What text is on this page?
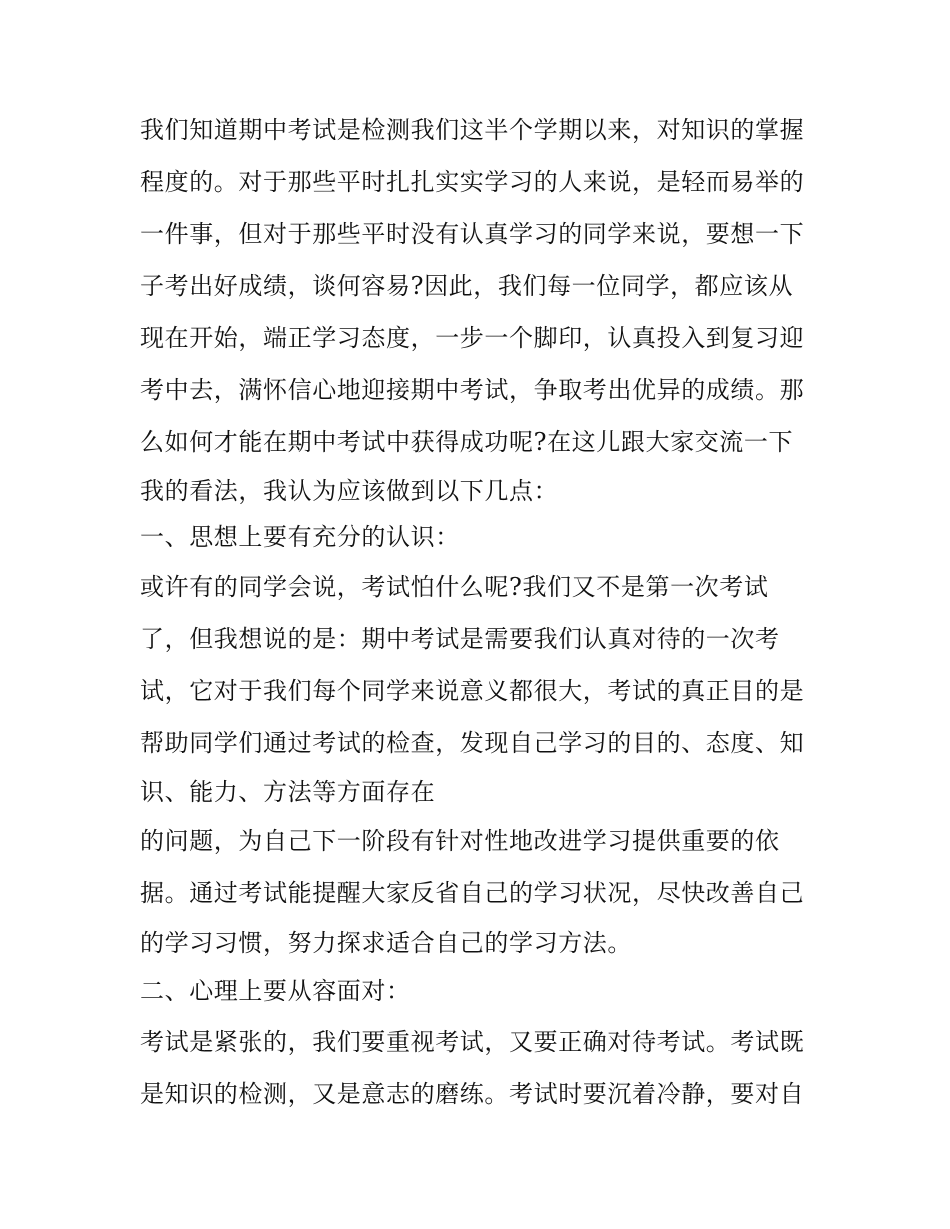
我们知道期中考试是检测我们这半个学期以来，对知识的掌握
程度的。对于那些平时扎扎实实学习的人来说，是轻而易举的
一件事，但对于那些平时没有认真学习的同学来说，要想一下
子考出好成绩，谈何容易?因此，我们每一位同学，都应该从
现在开始，端正学习态度，一步一个脚印，认真投入到复习迎
考中去，满怀信心地迎接期中考试，争取考出优异的成绩。那
么如何才能在期中考试中获得成功呢?在这儿跟大家交流一下
我的看法，我认为应该做到以下几点：
一、思想上要有充分的认识：
或许有的同学会说，考试怕什么呢?我们又不是第一次考试
了，但我想说的是：期中考试是需要我们认真对待的一次考
试，它对于我们每个同学来说意义都很大，考试的真正目的是
帮助同学们通过考试的检查，发现自己学习的目的、态度、知
识、能力、方法等方面存在
的问题，为自己下一阶段有针对性地改进学习提供重要的依
据。通过考试能提醒大家反省自己的学习状况，尽快改善自己
的学习习惯，努力探求适合自己的学习方法。
二、心理上要从容面对：
考试是紧张的，我们要重视考试，又要正确对待考试。考试既
是知识的检测，又是意志的磨练。考试时要沉着冷静，要对自
